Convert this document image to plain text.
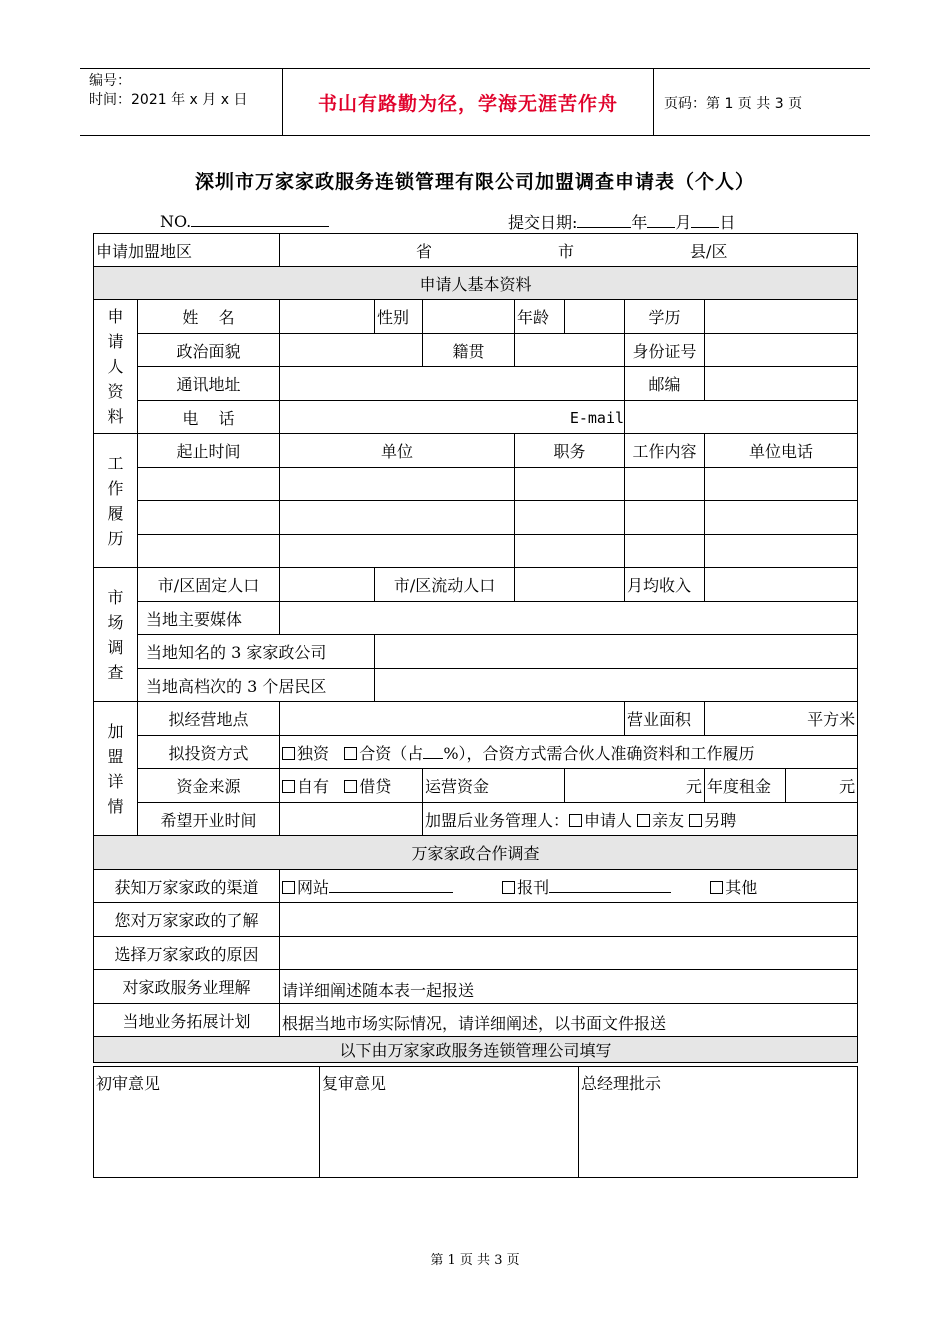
编号：
时间：2021 年 x 月 x 日	书山有路勤为径，学海无涯苦作舟	页码：第 1 页 共 3 页
深圳市万家家政服务连锁管理有限公司加盟调查申请表（个人）
NO.	提交日期:	年 月 日
申请加盟地区		省 市 县/区							
申请人基本资料									
申请人资料	姓    名		性别		年龄		学历		
	政治面貌			籍贯			身份证号		
	通讯地址						邮编		
	电    话	E-mail							
工作履历	起止时间	单位			职务		工作内容	单位电话	

市场调查	市/区固定人口		市/区流动人口				月均收入		
	当地主要媒体								
	当地知名的 3 家家政公司								
	当地高档次的 3 个居民区								
加盟详情	拟经营地点						营业面积	平方米	
	拟投资方式	独资 合资（占 %），合资方式需合伙人准确资料和工作履历							
	资金来源	自有 借贷		运营资金		元		年度租金	元
	希望开业时间			加盟后业务管理人： 申请人 亲友 另聘					
万家家政合作调查									
获知万家家政的渠道		网站 报刊 其他							
您对万家家政的了解									
选择万家家政的原因									
对家政服务业理解		请详细阐述随本表一起报送							
当地业务拓展计划		根据当地市场实际情况，请详细阐述，以书面文件报送							
以下由万家家政服务连锁管理公司填写									
初审意见	复审意见	总经理批示
第 1 页 共 3 页
